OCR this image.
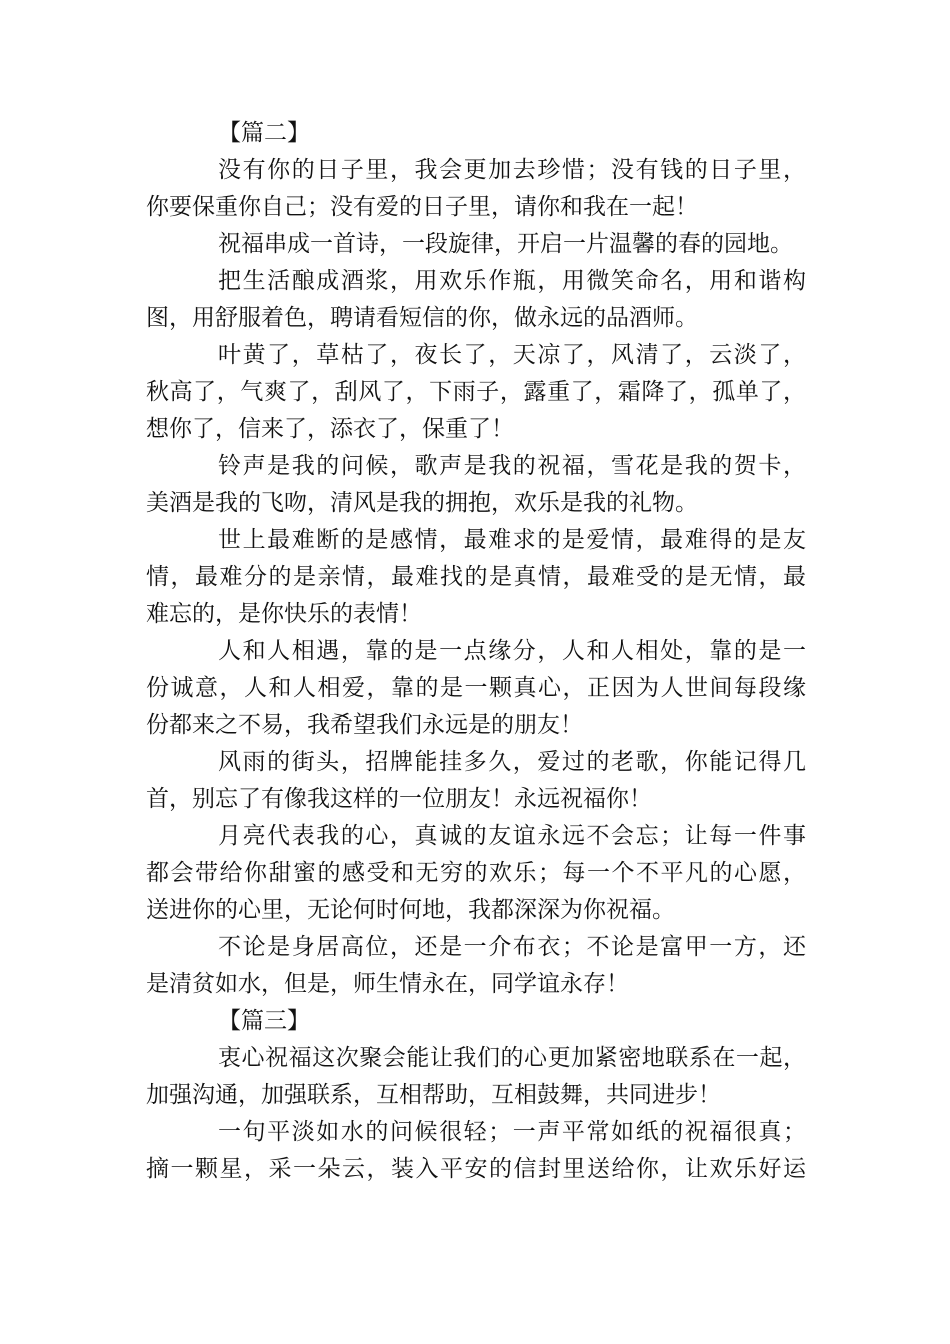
【篇二】
没有你的日子里，我会更加去珍惜；没有钱的日子里，
你要保重你自己；没有爱的日子里，请你和我在一起！
祝福串成一首诗，一段旋律，开启一片温馨的春的园地。
把生活酿成酒浆，用欢乐作瓶，用微笑命名，用和谐构
图，用舒服着色，聘请看短信的你，做永远的品酒师。
叶黄了，草枯了，夜长了，天凉了，风清了，云淡了，
秋高了，气爽了，刮风了，下雨子，露重了，霜降了，孤单了，
想你了，信来了，添衣了，保重了！
铃声是我的问候，歌声是我的祝福，雪花是我的贺卡，
美酒是我的飞吻，清风是我的拥抱，欢乐是我的礼物。
世上最难断的是感情，最难求的是爱情，最难得的是友
情，最难分的是亲情，最难找的是真情，最难受的是无情，最
难忘的，是你快乐的表情！
人和人相遇，靠的是一点缘分，人和人相处，靠的是一
份诚意，人和人相爱，靠的是一颗真心，正因为人世间每段缘
份都来之不易，我希望我们永远是的朋友！
风雨的街头，招牌能挂多久，爱过的老歌，你能记得几
首，别忘了有像我这样的一位朋友！永远祝福你！
月亮代表我的心，真诚的友谊永远不会忘；让每一件事
都会带给你甜蜜的感受和无穷的欢乐；每一个不平凡的心愿，
送进你的心里，无论何时何地，我都深深为你祝福。
不论是身居高位，还是一介布衣；不论是富甲一方，还
是清贫如水，但是，师生情永在，同学谊永存！
【篇三】
衷心祝福这次聚会能让我们的心更加紧密地联系在一起，
加强沟通，加强联系，互相帮助，互相鼓舞，共同进步！
一句平淡如水的问候很轻；一声平常如纸的祝福很真；
摘一颗星，采一朵云，装入平安的信封里送给你，让欢乐好运
